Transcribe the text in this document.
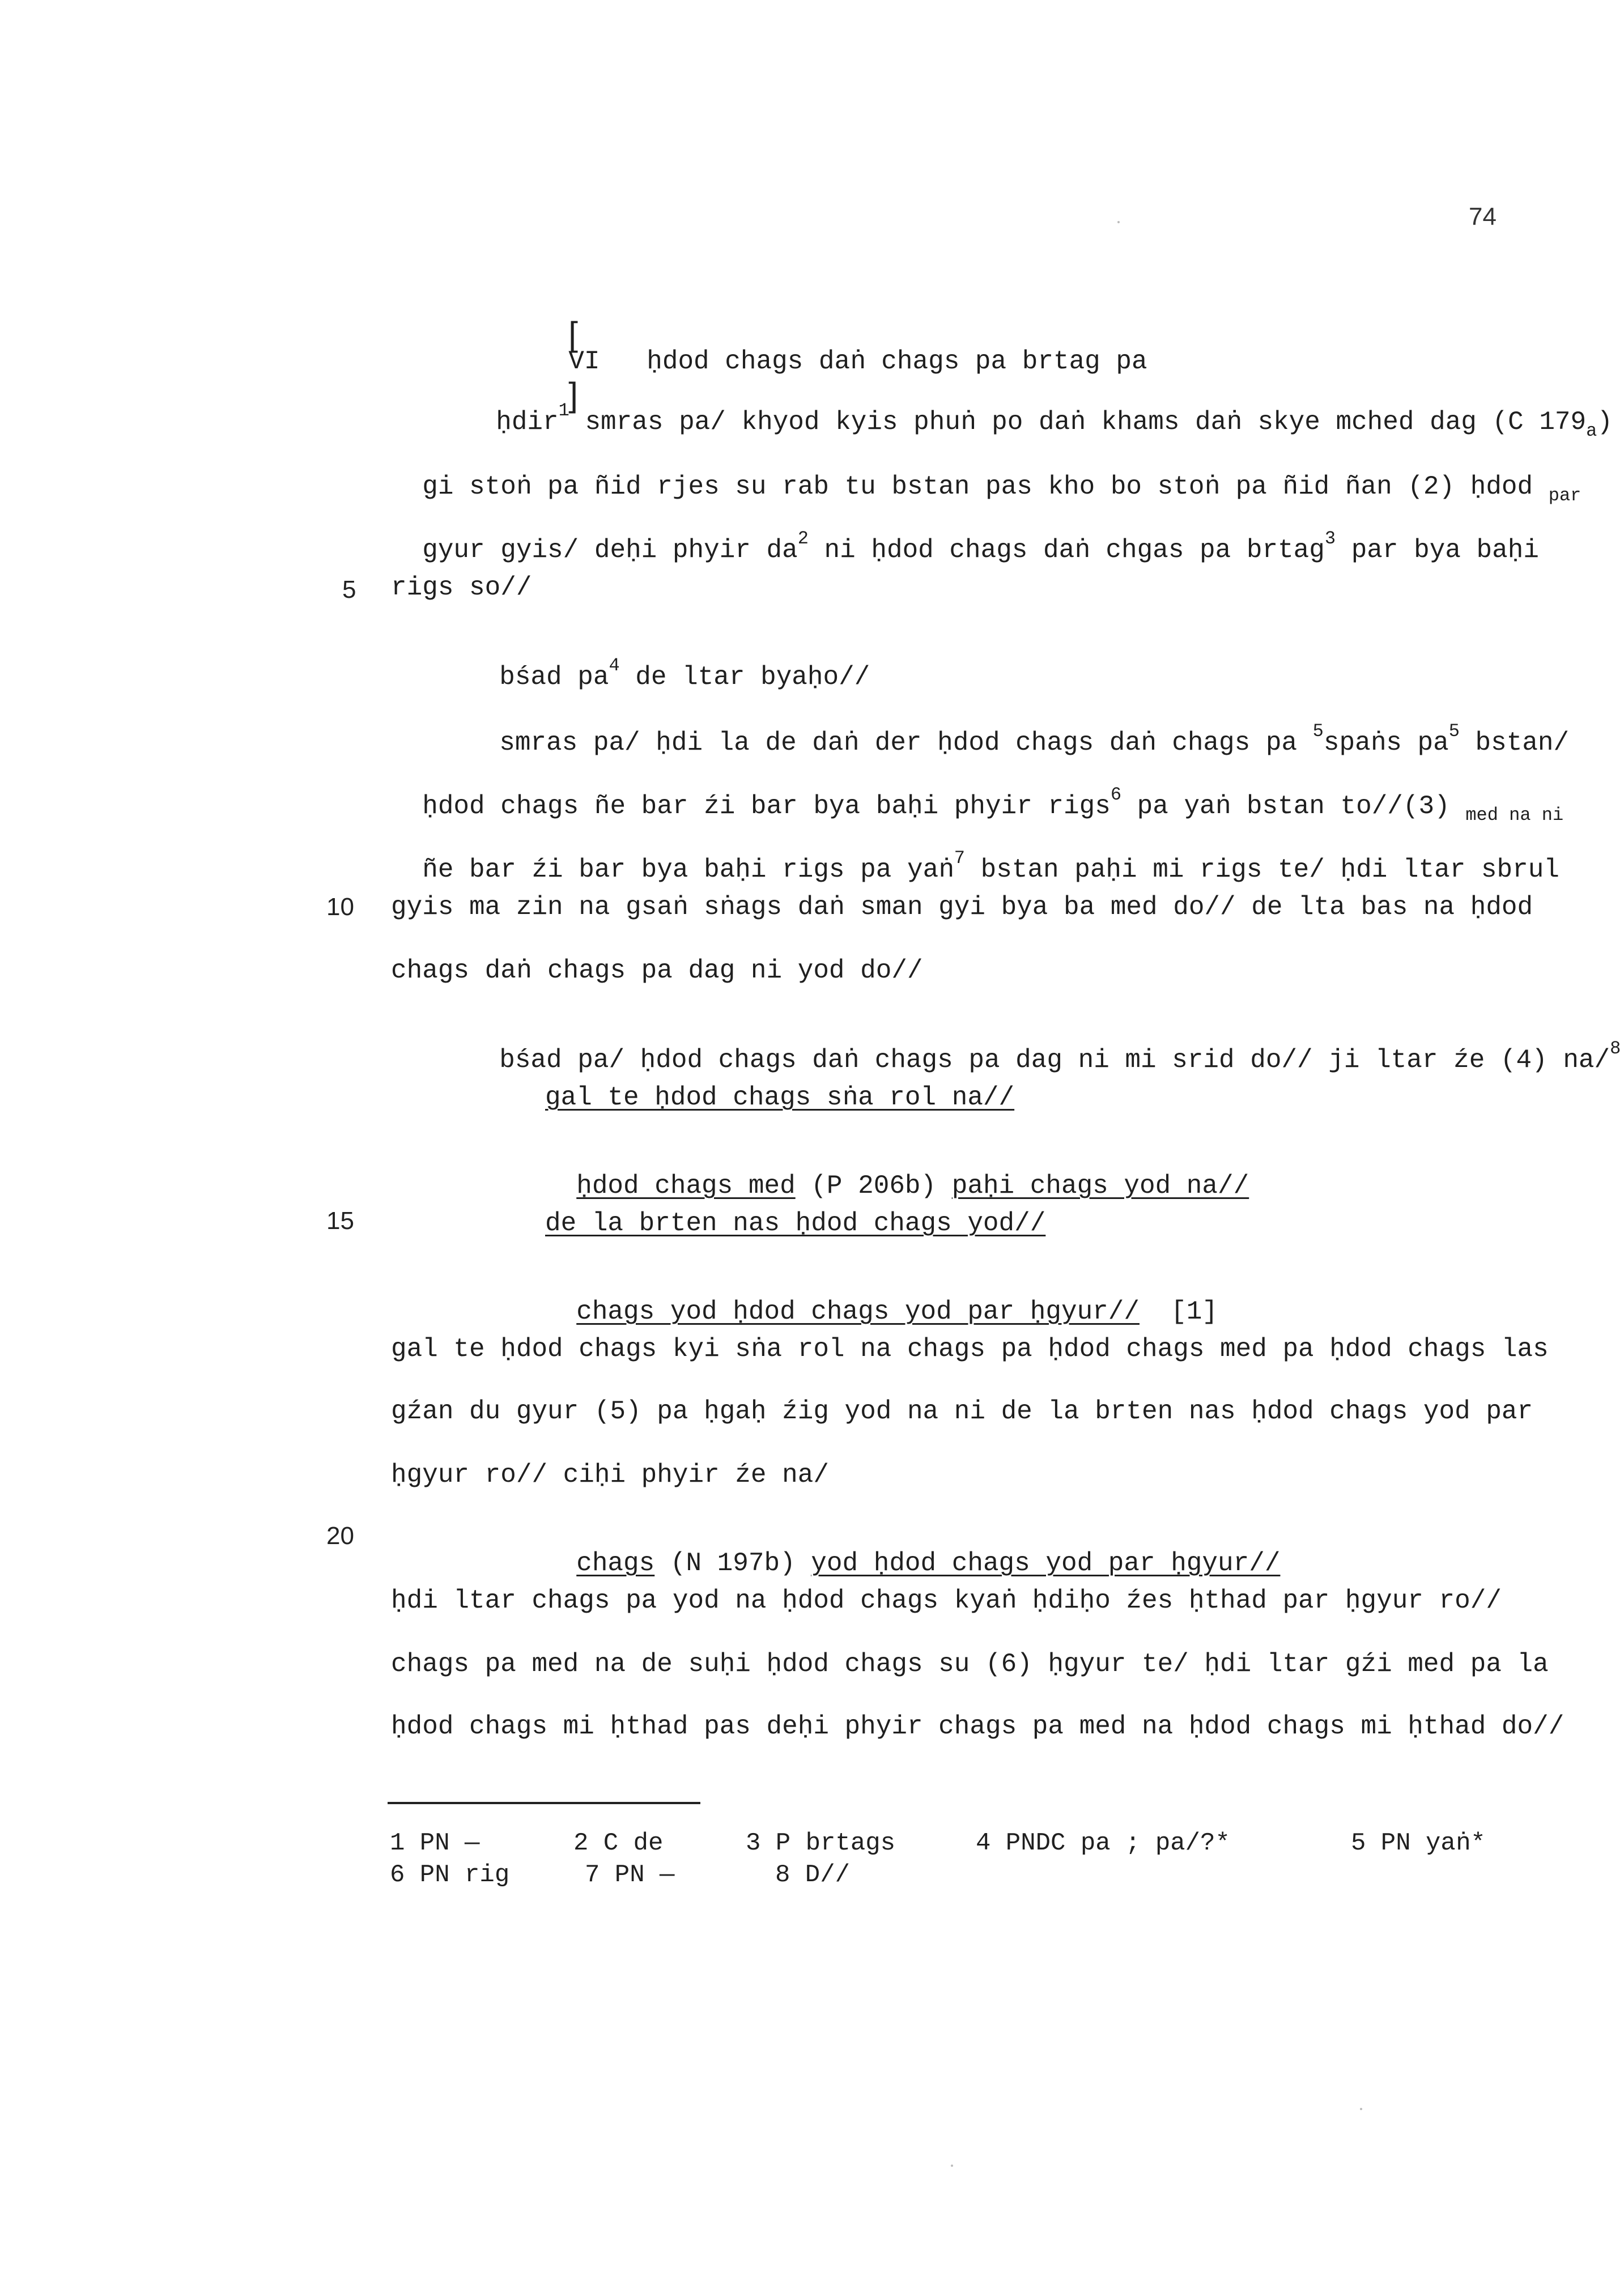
74

[
VI   ḥdod chags daṅ chags pa brtag pa
]

5
10
15
20

ḥdir$^1$ smras pa/ khyod kyis phuṅ po daṅ khams daṅ skye mched dag (C $179_a$)

gi stoṅ pa ñid rjes su rab tu bstan pas kho bo stoṅ pa ñid ñan (2) ḥdod $_{par}$

gyur gyis/ deḥi phyir $da^2$ ni ḥdod chags daṅ chgas pa brtag$^3$ par bya baḥi

rigs so//

bśad $pa^4$ de ltar byaḥo//

smras pa/ ḥdi la de daṅ der ḥdod chags daṅ chags pa $^5$spaṅs $pa^5$ bstan/

ḥdod chags ñe bar źi bar bya baḥi phyir rigs$^6$ pa yaṅ bstan to//(3) $_{med na ni}$

ñe bar źi bar bya baḥi rigs pa yaṅ$^7$ bstan paḥi mi rigs te/ ḥdi ltar sbrul

gyis ma zin na gsaṅ sṅags daṅ sman gyi bya ba med do// de lta bas na ḥdod
chags daṅ chags pa dag ni yod do//

bśad pa/ ḥdod chags daṅ chags pa dag ni mi srid do// ji ltar źe (4) na/$^8$

gal te ḥdod chags sṅa rol na//

ḥdod chags med (P 206b) paḥi chags yod na//

de la brten nas ḥdod chags yod//

chags yod ḥdod chags yod par ḥgyur//  [1]

gal te ḥdod chags kyi sṅa rol na chags pa ḥdod chags med pa ḥdod chags las
gźan du gyur (5) pa ḥgaḥ źig yod na ni de la brten nas ḥdod chags yod par
ḥgyur ro// ciḥi phyir źe na/

chags (N 197b) yod ḥdod chags yod par ḥgyur//

ḥdi ltar chags pa yod na ḥdod chags kyaṅ ḥdiḥo źes ḥthad par ḥgyur ro//
chags pa med na de suḥi ḥdod chags su (6) ḥgyur te/ ḥdi ltar gźi med pa la
ḥdod chags mi ḥthad pas deḥi phyir chags pa med na ḥdod chags mi ḥthad do//
1 PN —	2 C de	3 P brtags	4 PNDC pa ; pa/?*	5 PN yaṅ*
6 PN rig	7 PN —	8 D//
